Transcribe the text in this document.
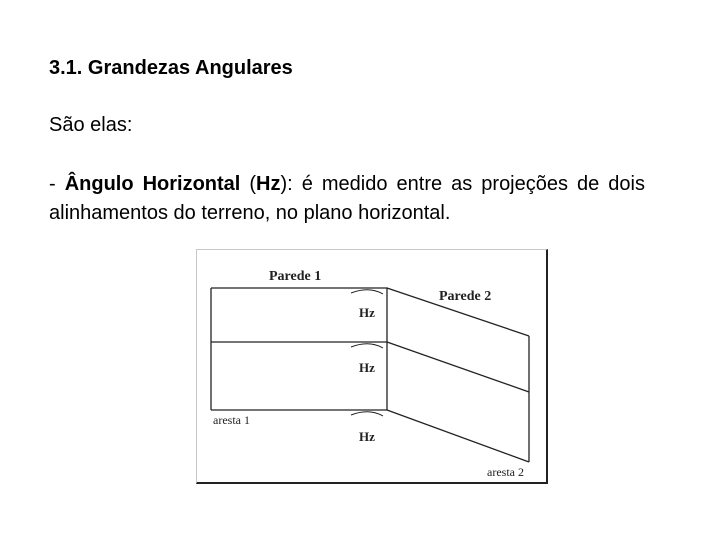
3.1. Grandezas Angulares

São elas:

- Ângulo Horizontal (Hz): é medido entre as projeções de dois alinhamentos do terreno, no plano horizontal.

Parede 1
Parede 2
Hz
Hz
Hz
aresta 1
aresta 2
